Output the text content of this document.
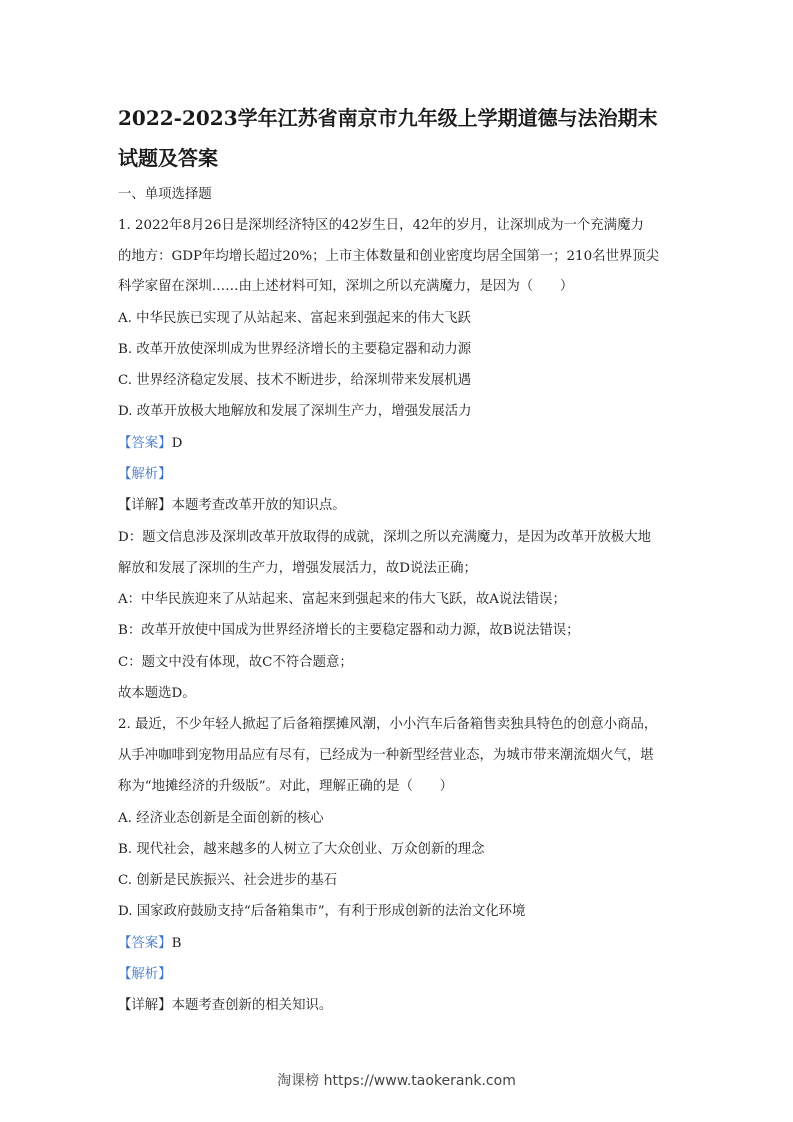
2022-2023学年江苏省南京市九年级上学期道德与法治期末
试题及答案
一、单项选择题
1. 2022年8月26日是深圳经济特区的42岁生日，42年的岁月，让深圳成为一个充满魔力
的地方：GDP年均增长超过20%；上市主体数量和创业密度均居全国第一；210名世界顶尖
科学家留在深圳……由上述材料可知，深圳之所以充满魔力，是因为（　　）
A. 中华民族已实现了从站起来、富起来到强起来的伟大飞跃
B. 改革开放使深圳成为世界经济增长的主要稳定器和动力源
C. 世界经济稳定发展、技术不断进步，给深圳带来发展机遇
D. 改革开放极大地解放和发展了深圳生产力，增强发展活力
【答案】D
【解析】
【详解】本题考查改革开放的知识点。
D：题文信息涉及深圳改革开放取得的成就，深圳之所以充满魔力，是因为改革开放极大地
解放和发展了深圳的生产力，增强发展活力，故D说法正确；
A：中华民族迎来了从站起来、富起来到强起来的伟大飞跃，故A说法错误；
B：改革开放使中国成为世界经济增长的主要稳定器和动力源，故B说法错误；
C：题文中没有体现，故C不符合题意；
故本题选D。
2. 最近，不少年轻人掀起了后备箱摆摊风潮，小小汽车后备箱售卖独具特色的创意小商品，
从手冲咖啡到宠物用品应有尽有，已经成为一种新型经营业态，为城市带来潮流烟火气，堪
称为“地摊经济的升级版”。对此，理解正确的是（　　）
A. 经济业态创新是全面创新的核心
B. 现代社会，越来越多的人树立了大众创业、万众创新的理念
C. 创新是民族振兴、社会进步的基石
D. 国家政府鼓励支持“后备箱集市”，有利于形成创新的法治文化环境
【答案】B
【解析】
【详解】本题考查创新的相关知识。
淘课榜 https://www.taokerank.com
